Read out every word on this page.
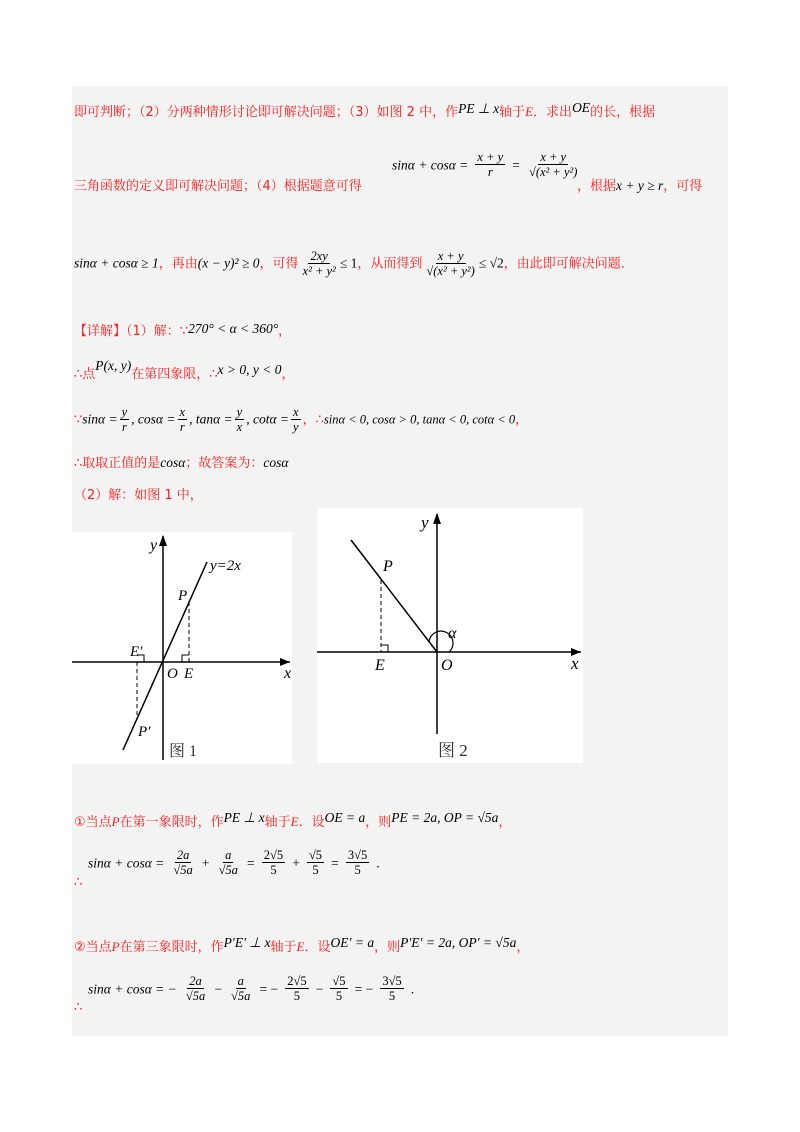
即可判断；（2）分两种情形讨论即可解决问题；（3）如图 2 中，作PE ⊥ x轴于E．求出OE的长，根据
三角函数的定义即可解决问题；（4）根据题意可得
$\sin\alpha + \cos\alpha = \frac{x + y}{r} = \frac{x + y}{\text{√(x² + y²)}}$
，根据x + y ≥ r，可得
sinα + cosα ≥ 1，再由(x − y)² ≥ 0，可得 $\frac{2xy}{\text{x² + y²}} \le 1$，从而得到 $\frac{x + y}{\text{√(x² + y²)}} \le √2$，由此即可解决问题．
【详解】（1）解：∵270° < α < 360°，
∴点P(x, y)在第四象限，∴x > 0, y < 0，
∵sinα = $\frac{y}{r}$ , $\cos\alpha = \frac{x}{r}$ , $\tan\alpha = \frac{y}{x}$ , $\cot\alpha = \frac{x}{y}$ ，∴sinα < 0, cosα > 0, tanα < 0, cotα < 0，
∴取取正值的是cosα；故答案为：cosα
（2）解：如图 1 中，
y
x
y=2x
P
E
O
E′
P′
图 1
y
x
P
E	O
α
图 2
①当点P在第一象限时，作PE ⊥ x轴于E．设OE = a，则PE = 2a, OP = √5a，
∴
$\sin\alpha + \cos\alpha = \frac{2a}{√5a} + \frac{a}{√5a} = \frac{2√5}{5} + \frac{√5}{5} = \frac{3√5}{5}$ .
②当点P在第三象限时，作P′E′ ⊥ x轴于E．设OE′ = a，则P′E′ = 2a, OP′ = √5a，
∴
sinα + cosα = − $\frac{2a}{√5a} - \frac{a}{√5a}$ = − $\frac{2√5}{5} - \frac{√5}{5}$ = − $\frac{3√5}{5}$ .
